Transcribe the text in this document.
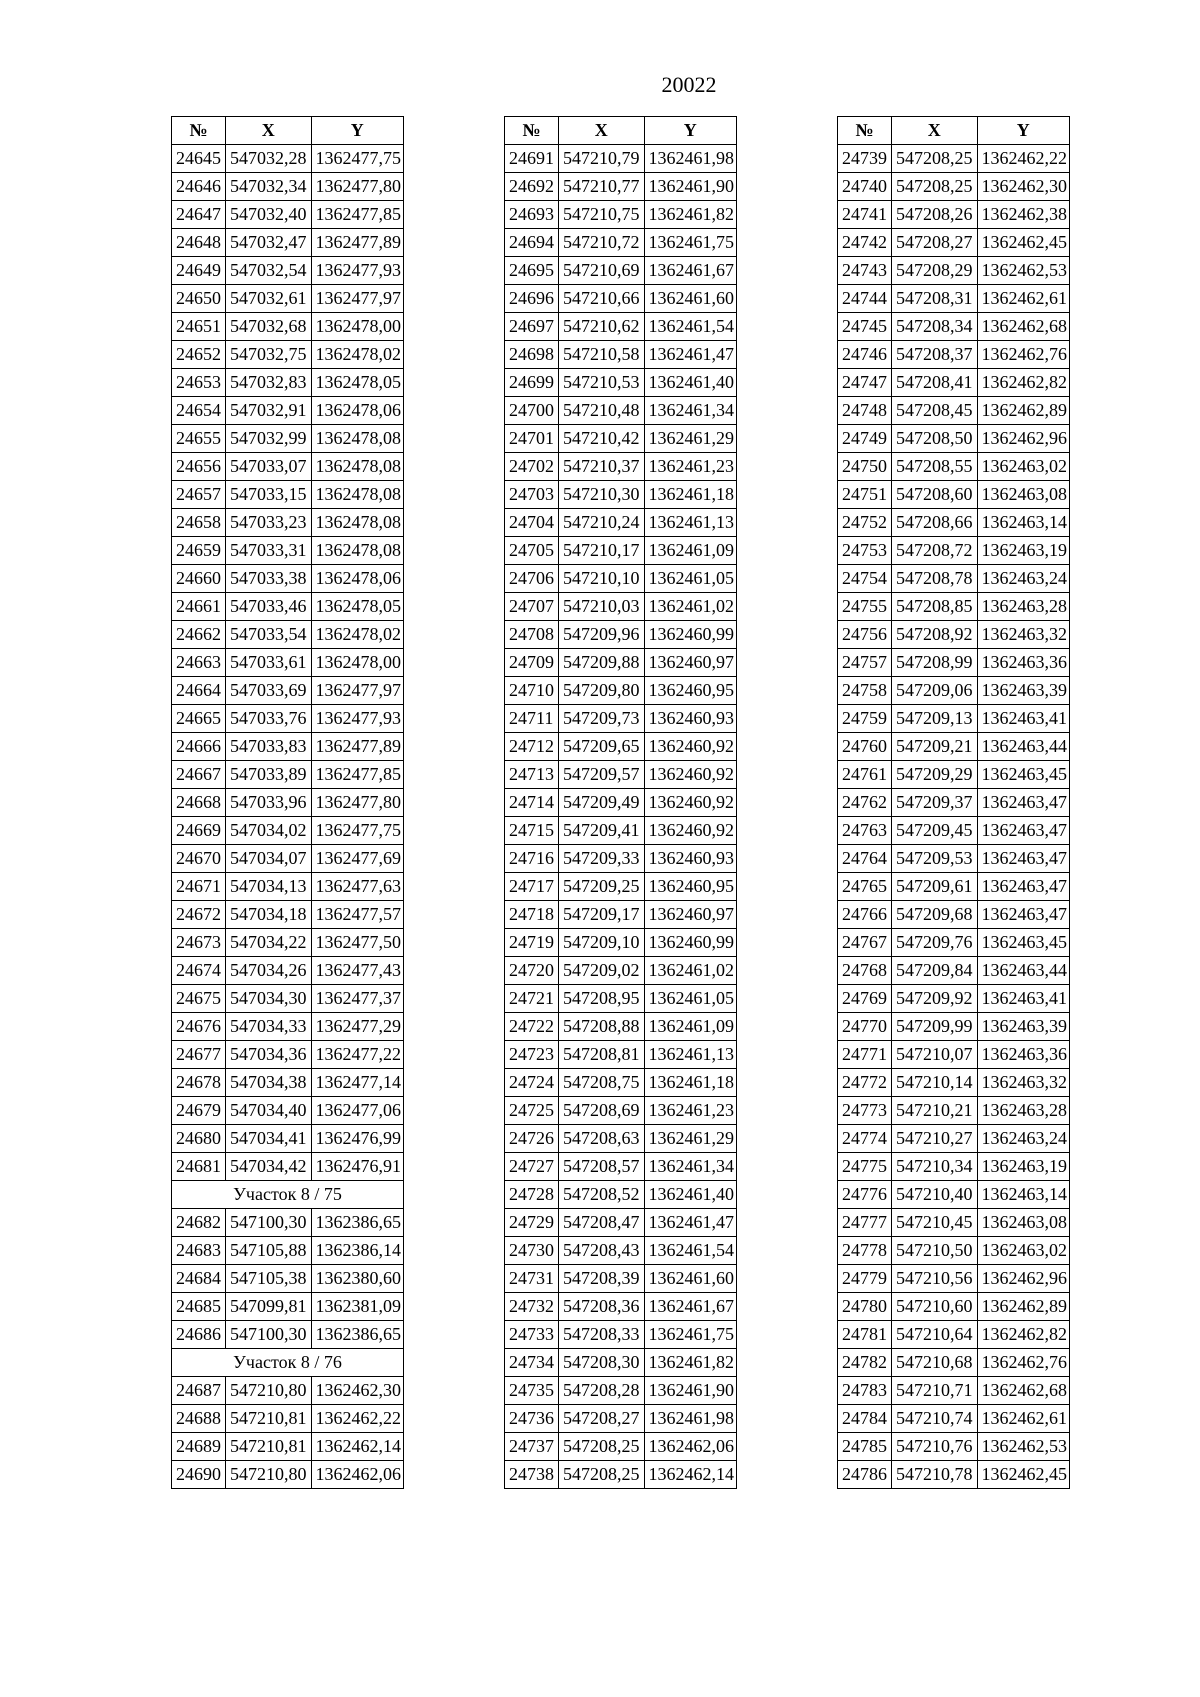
20022
№	X	Y
24645	547032,28	1362477,75
24646	547032,34	1362477,80
24647	547032,40	1362477,85
24648	547032,47	1362477,89
24649	547032,54	1362477,93
24650	547032,61	1362477,97
24651	547032,68	1362478,00
24652	547032,75	1362478,02
24653	547032,83	1362478,05
24654	547032,91	1362478,06
24655	547032,99	1362478,08
24656	547033,07	1362478,08
24657	547033,15	1362478,08
24658	547033,23	1362478,08
24659	547033,31	1362478,08
24660	547033,38	1362478,06
24661	547033,46	1362478,05
24662	547033,54	1362478,02
24663	547033,61	1362478,00
24664	547033,69	1362477,97
24665	547033,76	1362477,93
24666	547033,83	1362477,89
24667	547033,89	1362477,85
24668	547033,96	1362477,80
24669	547034,02	1362477,75
24670	547034,07	1362477,69
24671	547034,13	1362477,63
24672	547034,18	1362477,57
24673	547034,22	1362477,50
24674	547034,26	1362477,43
24675	547034,30	1362477,37
24676	547034,33	1362477,29
24677	547034,36	1362477,22
24678	547034,38	1362477,14
24679	547034,40	1362477,06
24680	547034,41	1362476,99
24681	547034,42	1362476,91
Участок 8 / 75		
24682	547100,30	1362386,65
24683	547105,88	1362386,14
24684	547105,38	1362380,60
24685	547099,81	1362381,09
24686	547100,30	1362386,65
Участок 8 / 76		
24687	547210,80	1362462,30
24688	547210,81	1362462,22
24689	547210,81	1362462,14
24690	547210,80	1362462,06
№	X	Y
24691	547210,79	1362461,98
24692	547210,77	1362461,90
24693	547210,75	1362461,82
24694	547210,72	1362461,75
24695	547210,69	1362461,67
24696	547210,66	1362461,60
24697	547210,62	1362461,54
24698	547210,58	1362461,47
24699	547210,53	1362461,40
24700	547210,48	1362461,34
24701	547210,42	1362461,29
24702	547210,37	1362461,23
24703	547210,30	1362461,18
24704	547210,24	1362461,13
24705	547210,17	1362461,09
24706	547210,10	1362461,05
24707	547210,03	1362461,02
24708	547209,96	1362460,99
24709	547209,88	1362460,97
24710	547209,80	1362460,95
24711	547209,73	1362460,93
24712	547209,65	1362460,92
24713	547209,57	1362460,92
24714	547209,49	1362460,92
24715	547209,41	1362460,92
24716	547209,33	1362460,93
24717	547209,25	1362460,95
24718	547209,17	1362460,97
24719	547209,10	1362460,99
24720	547209,02	1362461,02
24721	547208,95	1362461,05
24722	547208,88	1362461,09
24723	547208,81	1362461,13
24724	547208,75	1362461,18
24725	547208,69	1362461,23
24726	547208,63	1362461,29
24727	547208,57	1362461,34
24728	547208,52	1362461,40
24729	547208,47	1362461,47
24730	547208,43	1362461,54
24731	547208,39	1362461,60
24732	547208,36	1362461,67
24733	547208,33	1362461,75
24734	547208,30	1362461,82
24735	547208,28	1362461,90
24736	547208,27	1362461,98
24737	547208,25	1362462,06
24738	547208,25	1362462,14
№	X	Y
24739	547208,25	1362462,22
24740	547208,25	1362462,30
24741	547208,26	1362462,38
24742	547208,27	1362462,45
24743	547208,29	1362462,53
24744	547208,31	1362462,61
24745	547208,34	1362462,68
24746	547208,37	1362462,76
24747	547208,41	1362462,82
24748	547208,45	1362462,89
24749	547208,50	1362462,96
24750	547208,55	1362463,02
24751	547208,60	1362463,08
24752	547208,66	1362463,14
24753	547208,72	1362463,19
24754	547208,78	1362463,24
24755	547208,85	1362463,28
24756	547208,92	1362463,32
24757	547208,99	1362463,36
24758	547209,06	1362463,39
24759	547209,13	1362463,41
24760	547209,21	1362463,44
24761	547209,29	1362463,45
24762	547209,37	1362463,47
24763	547209,45	1362463,47
24764	547209,53	1362463,47
24765	547209,61	1362463,47
24766	547209,68	1362463,47
24767	547209,76	1362463,45
24768	547209,84	1362463,44
24769	547209,92	1362463,41
24770	547209,99	1362463,39
24771	547210,07	1362463,36
24772	547210,14	1362463,32
24773	547210,21	1362463,28
24774	547210,27	1362463,24
24775	547210,34	1362463,19
24776	547210,40	1362463,14
24777	547210,45	1362463,08
24778	547210,50	1362463,02
24779	547210,56	1362462,96
24780	547210,60	1362462,89
24781	547210,64	1362462,82
24782	547210,68	1362462,76
24783	547210,71	1362462,68
24784	547210,74	1362462,61
24785	547210,76	1362462,53
24786	547210,78	1362462,45
